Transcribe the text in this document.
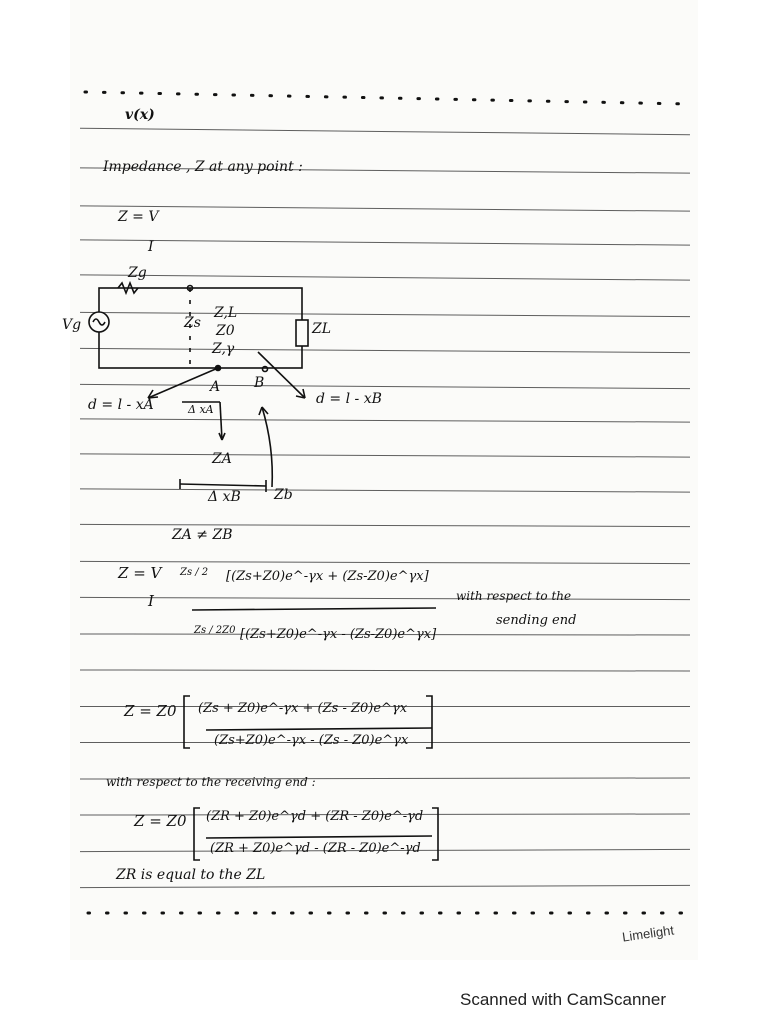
v(x)
Impedance , Z at any point :
Z = V
I
Zg
Vg	Zs	ZL
Z,L
Z0
Z,γ
A B
d = l - xA	d = l - xB
Δ xA
ZA
Δ xB Zb
ZA ≠ ZB
Z = V
I
Zs / 2 [(Zs+Z0)e^-γx + (Zs-Z0)e^γx]
Zs / 2Z0 [(Zs+Z0)e^-γx - (Zs-Z0)e^γx]
with respect to the
sending end
Z = Z0 (Zs + Z0)e^-γx + (Zs - Z0)e^γx
(Zs+Z0)e^-γx - (Zs - Z0)e^γx
with respect to the receiving end :
Z = Z0 (ZR + Z0)e^γd + (ZR - Z0)e^-γd
(ZR + Z0)e^γd - (ZR - Z0)e^-γd
ZR is equal to the ZL
Limelight
Scanned with CamScanner
